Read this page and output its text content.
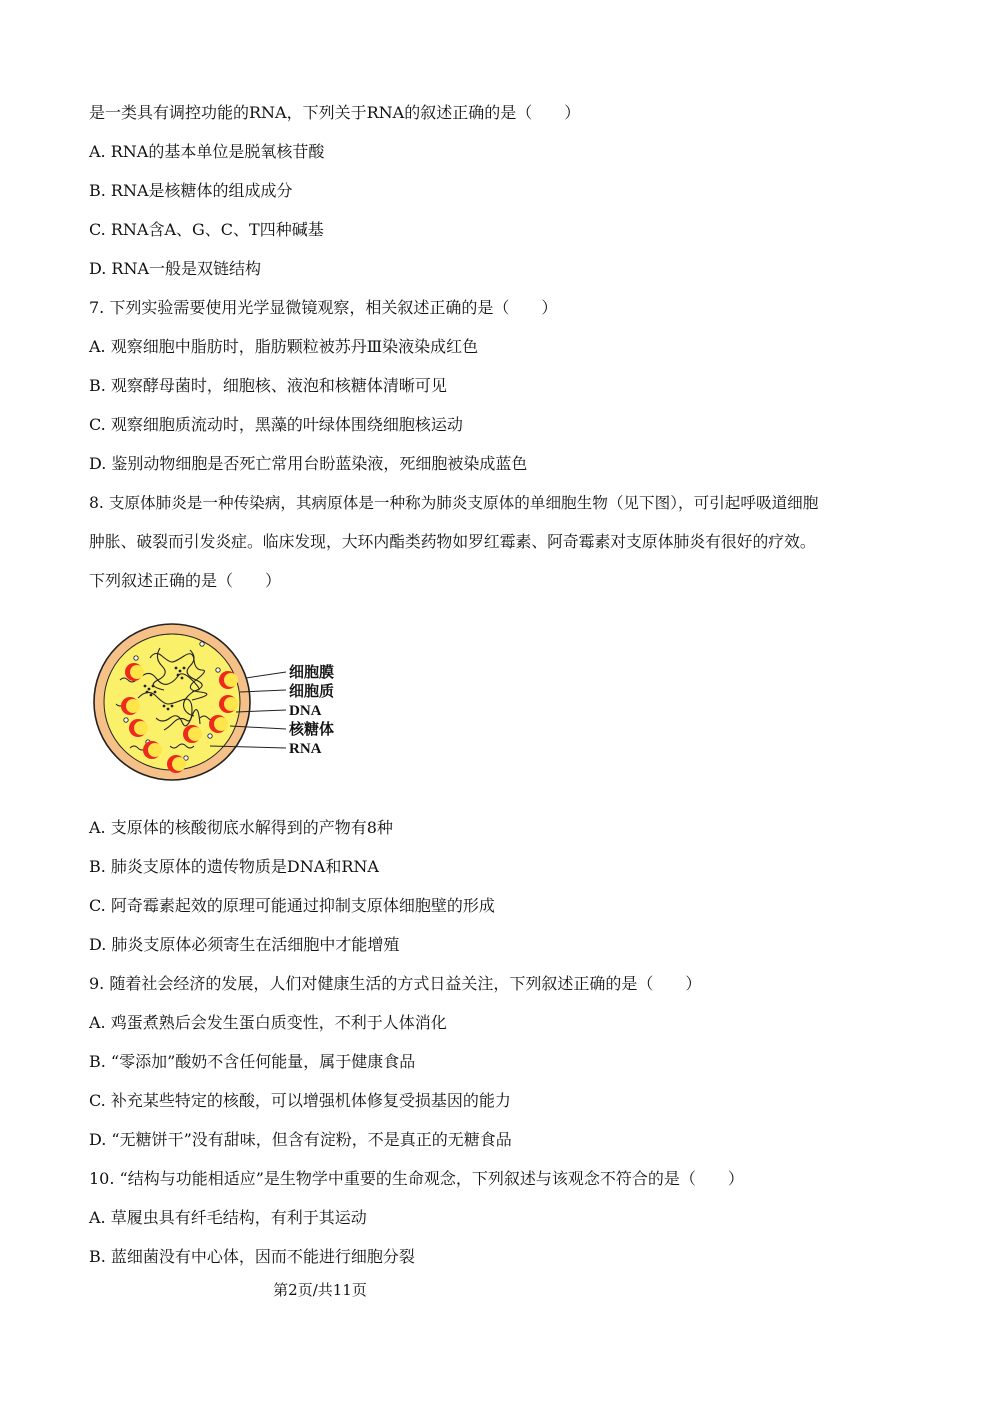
是一类具有调控功能的RNA，下列关于RNA的叙述正确的是（　　）
A. RNA的基本单位是脱氧核苷酸
B. RNA是核糖体的组成成分
C. RNA含A、G、C、T四种碱基
D. RNA一般是双链结构
7. 下列实验需要使用光学显微镜观察，相关叙述正确的是（　　）
A. 观察细胞中脂肪时，脂肪颗粒被苏丹Ⅲ染液染成红色
B. 观察酵母菌时，细胞核、液泡和核糖体清晰可见
C. 观察细胞质流动时，黑藻的叶绿体围绕细胞核运动
D. 鉴别动物细胞是否死亡常用台盼蓝染液，死细胞被染成蓝色
8. 支原体肺炎是一种传染病，其病原体是一种称为肺炎支原体的单细胞生物（见下图），可引起呼吸道细胞
肿胀、破裂而引发炎症。临床发现，大环内酯类药物如罗红霉素、阿奇霉素对支原体肺炎有很好的疗效。
下列叙述正确的是（　　）
细胞膜
细胞质
DNA
核糖体
RNA
A. 支原体的核酸彻底水解得到的产物有8种
B. 肺炎支原体的遗传物质是DNA和RNA
C. 阿奇霉素起效的原理可能通过抑制支原体细胞壁的形成
D. 肺炎支原体必须寄生在活细胞中才能增殖
9. 随着社会经济的发展，人们对健康生活的方式日益关注，下列叙述正确的是（　　）
A. 鸡蛋煮熟后会发生蛋白质变性，不利于人体消化
B. “零添加”酸奶不含任何能量，属于健康食品
C. 补充某些特定的核酸，可以增强机体修复受损基因的能力
D. “无糖饼干”没有甜味，但含有淀粉，不是真正的无糖食品
10. “结构与功能相适应”是生物学中重要的生命观念，下列叙述与该观念不符合的是（　　）
A. 草履虫具有纤毛结构，有利于其运动
B. 蓝细菌没有中心体，因而不能进行细胞分裂
第2页/共11页
